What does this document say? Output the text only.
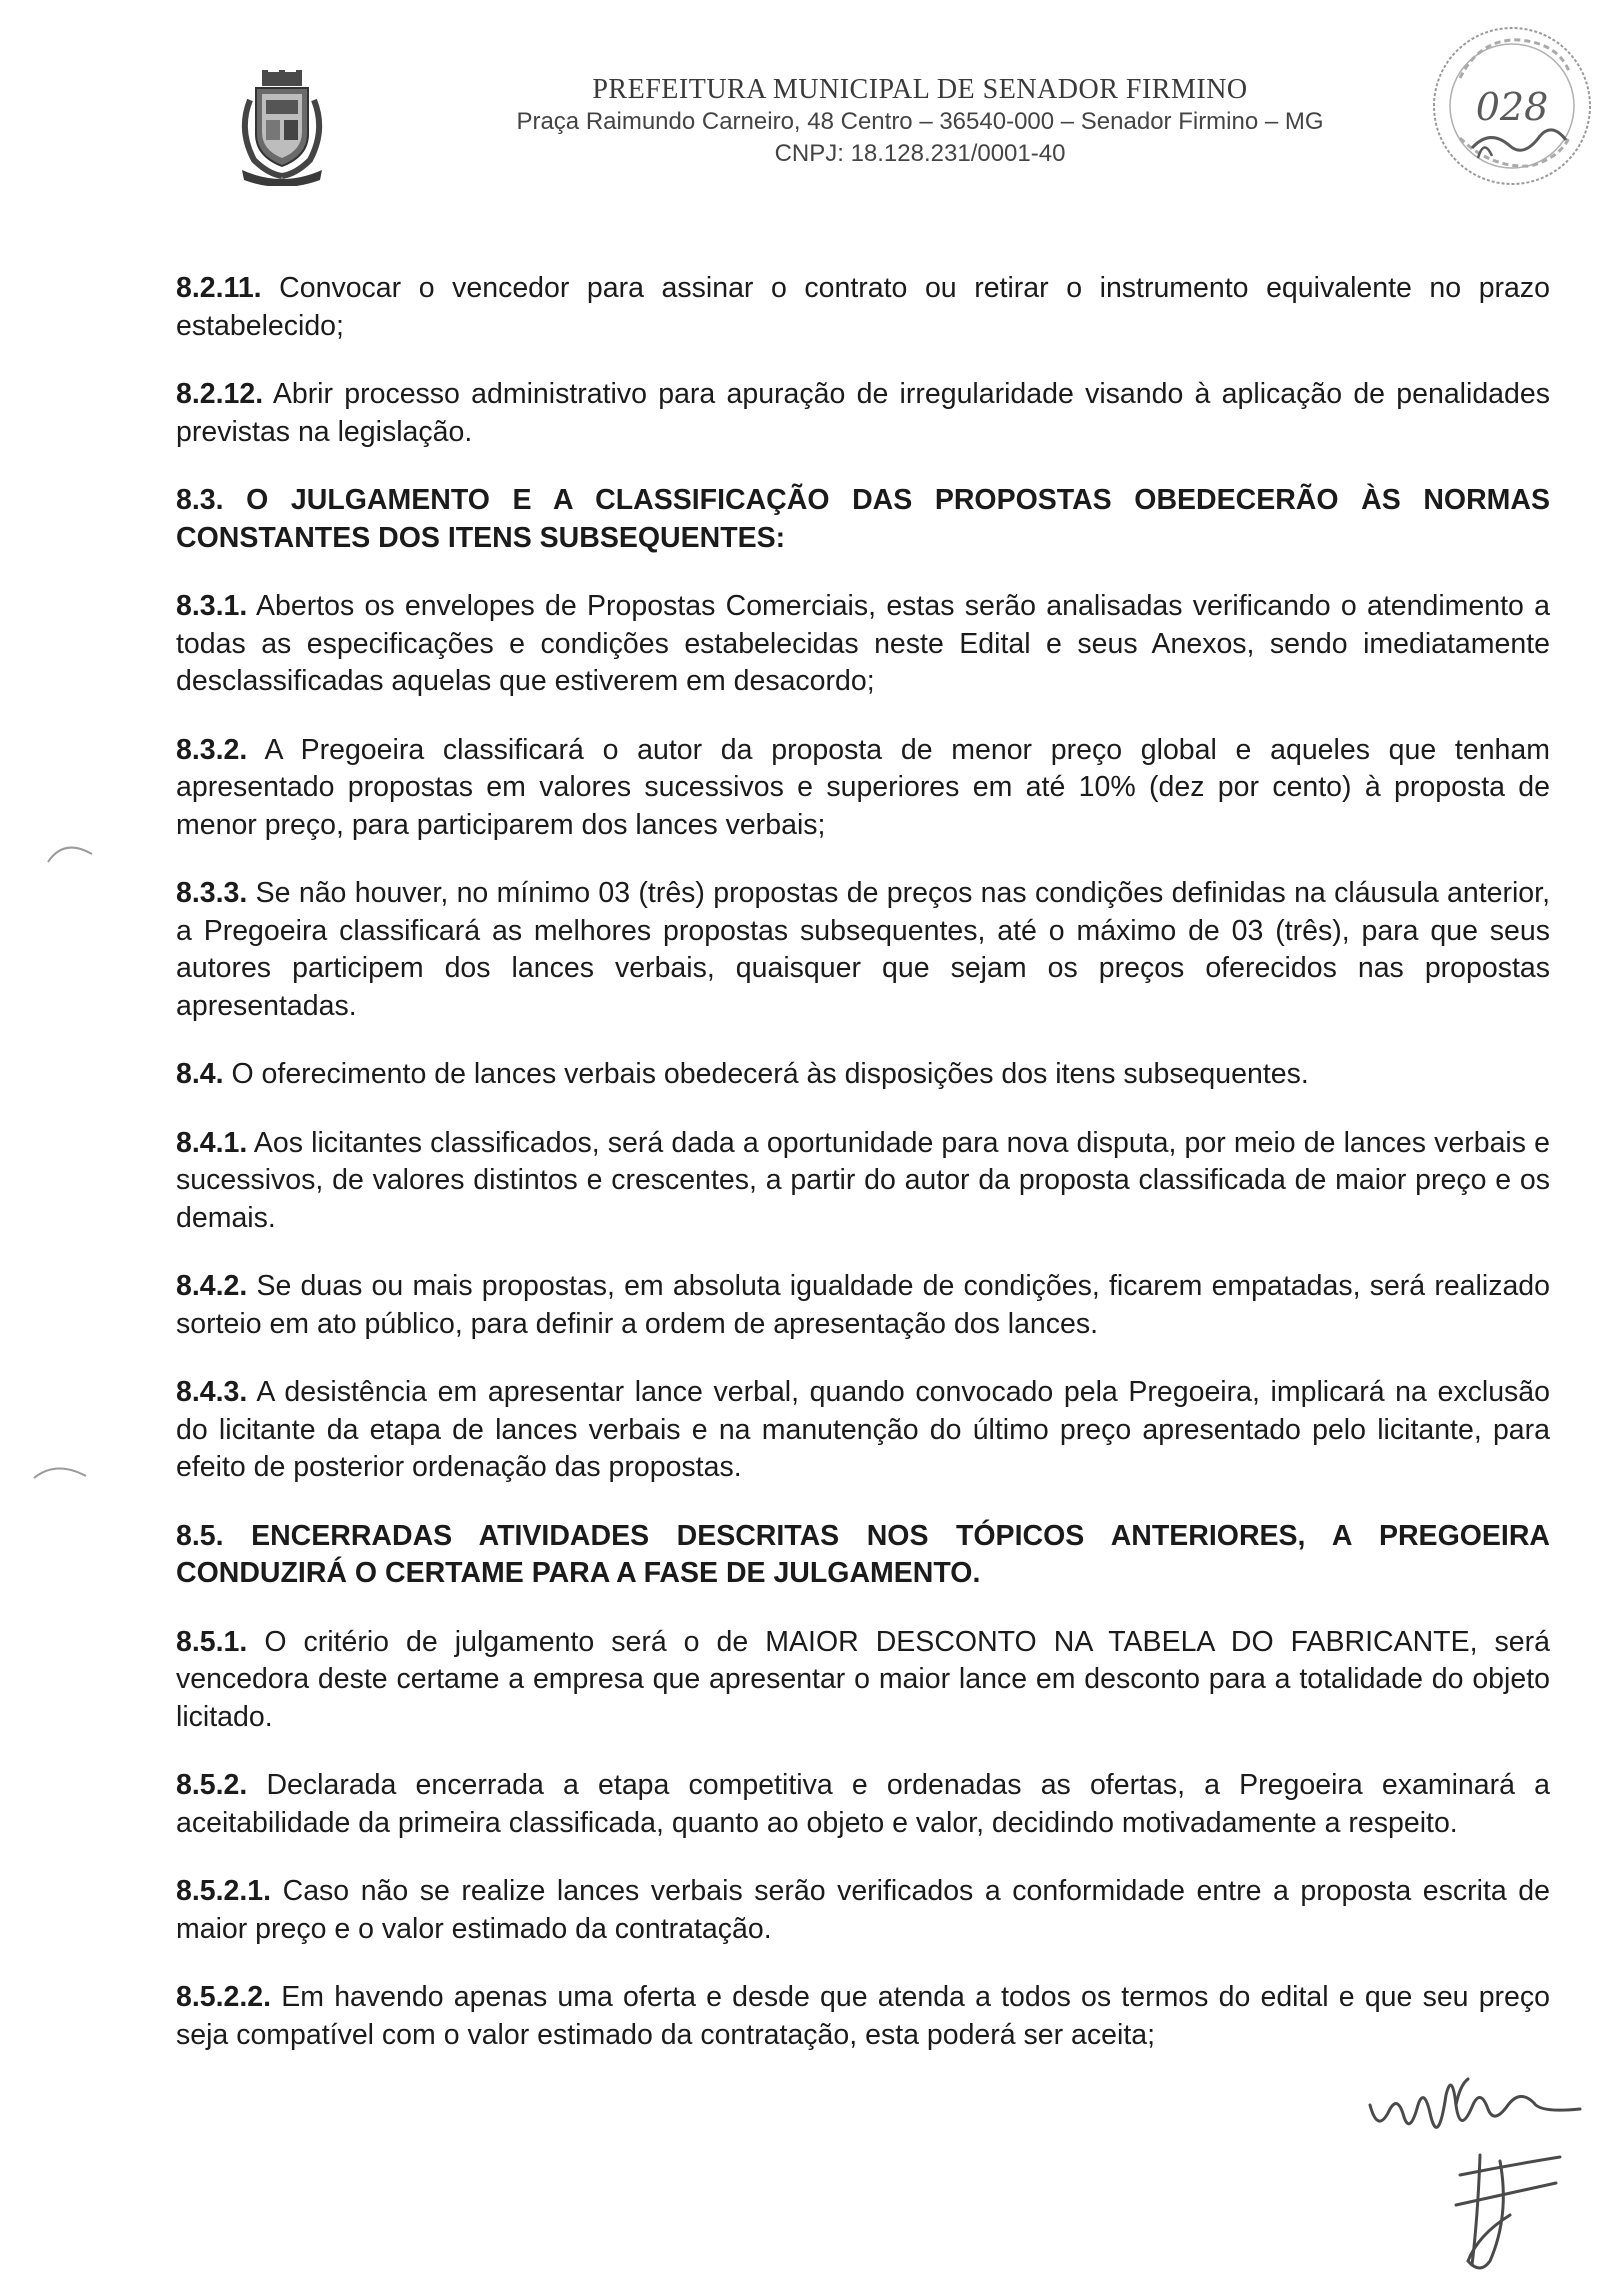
PREFEITURA MUNICIPAL DE SENADOR FIRMINO
Praça Raimundo Carneiro, 48 Centro – 36540-000 – Senador Firmino – MG
CNPJ: 18.128.231/0001-40
028

8.2.11. Convocar o vencedor para assinar o contrato ou retirar o instrumento equivalente no prazo estabelecido;

8.2.12. Abrir processo administrativo para apuração de irregularidade visando à aplicação de penalidades previstas na legislação.

8.3. O JULGAMENTO E A CLASSIFICAÇÃO DAS PROPOSTAS OBEDECERÃO ÀS NORMAS CONSTANTES DOS ITENS SUBSEQUENTES:

8.3.1. Abertos os envelopes de Propostas Comerciais, estas serão analisadas verificando o atendimento a todas as especificações e condições estabelecidas neste Edital e seus Anexos, sendo imediatamente desclassificadas aquelas que estiverem em desacordo;

8.3.2. A Pregoeira classificará o autor da proposta de menor preço global e aqueles que tenham apresentado propostas em valores sucessivos e superiores em até 10% (dez por cento) à proposta de menor preço, para participarem dos lances verbais;

8.3.3. Se não houver, no mínimo 03 (três) propostas de preços nas condições definidas na cláusula anterior, a Pregoeira classificará as melhores propostas subsequentes, até o máximo de 03 (três), para que seus autores participem dos lances verbais, quaisquer que sejam os preços oferecidos nas propostas apresentadas.

8.4. O oferecimento de lances verbais obedecerá às disposições dos itens subsequentes.

8.4.1. Aos licitantes classificados, será dada a oportunidade para nova disputa, por meio de lances verbais e sucessivos, de valores distintos e crescentes, a partir do autor da proposta classificada de maior preço e os demais.

8.4.2. Se duas ou mais propostas, em absoluta igualdade de condições, ficarem empatadas, será realizado sorteio em ato público, para definir a ordem de apresentação dos lances.

8.4.3. A desistência em apresentar lance verbal, quando convocado pela Pregoeira, implicará na exclusão do licitante da etapa de lances verbais e na manutenção do último preço apresentado pelo licitante, para efeito de posterior ordenação das propostas.

8.5. ENCERRADAS ATIVIDADES DESCRITAS NOS TÓPICOS ANTERIORES, A PREGOEIRA CONDUZIRÁ O CERTAME PARA A FASE DE JULGAMENTO.

8.5.1. O critério de julgamento será o de MAIOR DESCONTO NA TABELA DO FABRICANTE, será vencedora deste certame a empresa que apresentar o maior lance em desconto para a totalidade do objeto licitado.

8.5.2. Declarada encerrada a etapa competitiva e ordenadas as ofertas, a Pregoeira examinará a aceitabilidade da primeira classificada, quanto ao objeto e valor, decidindo motivadamente a respeito.

8.5.2.1. Caso não se realize lances verbais serão verificados a conformidade entre a proposta escrita de maior preço e o valor estimado da contratação.

8.5.2.2. Em havendo apenas uma oferta e desde que atenda a todos os termos do edital e que seu preço seja compatível com o valor estimado da contratação, esta poderá ser aceita;
